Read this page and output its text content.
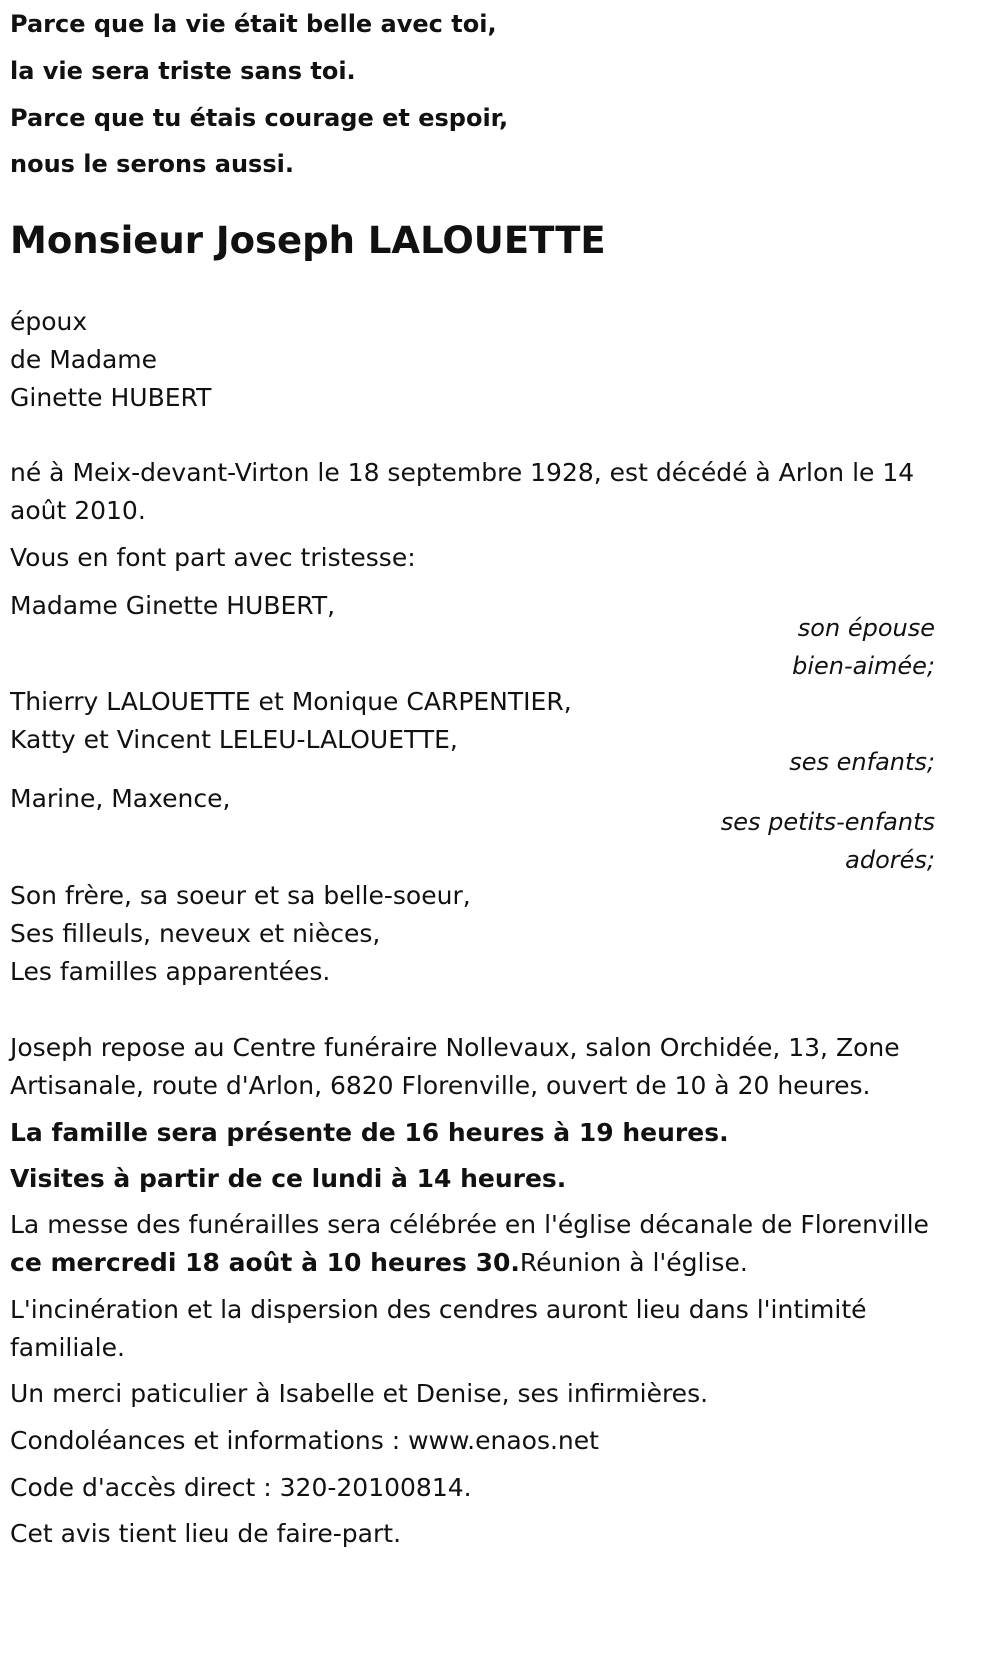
Parce que la vie était belle avec toi,
la vie sera triste sans toi.
Parce que tu étais courage et espoir,
nous le serons aussi.
Monsieur Joseph LALOUETTE
époux
de Madame
Ginette HUBERT
né à Meix-devant-Virton le 18 septembre 1928, est décédé à Arlon le 14
août 2010.
Vous en font part avec tristesse:
Madame Ginette HUBERT,
son épouse
bien-aimée;
Thierry LALOUETTE et Monique CARPENTIER,
Katty et Vincent LELEU-LALOUETTE,
ses enfants;
Marine, Maxence,
ses petits-enfants
adorés;
Son frère, sa soeur et sa belle-soeur,
Ses filleuls, neveux et nièces,
Les familles apparentées.
Joseph repose au Centre funéraire Nollevaux, salon Orchidée, 13, Zone
Artisanale, route d'Arlon, 6820 Florenville, ouvert de 10 à 20 heures.
La famille sera présente de 16 heures à 19 heures.
Visites à partir de ce lundi à 14 heures.
La messe des funérailles sera célébrée en l'église décanale de Florenville
ce mercredi 18 août à 10 heures 30.Réunion à l'église.
L'incinération et la dispersion des cendres auront lieu dans l'intimité
familiale.
Un merci paticulier à Isabelle et Denise, ses infirmières.
Condoléances et informations : www.enaos.net
Code d'accès direct : 320-20100814.
Cet avis tient lieu de faire-part.
